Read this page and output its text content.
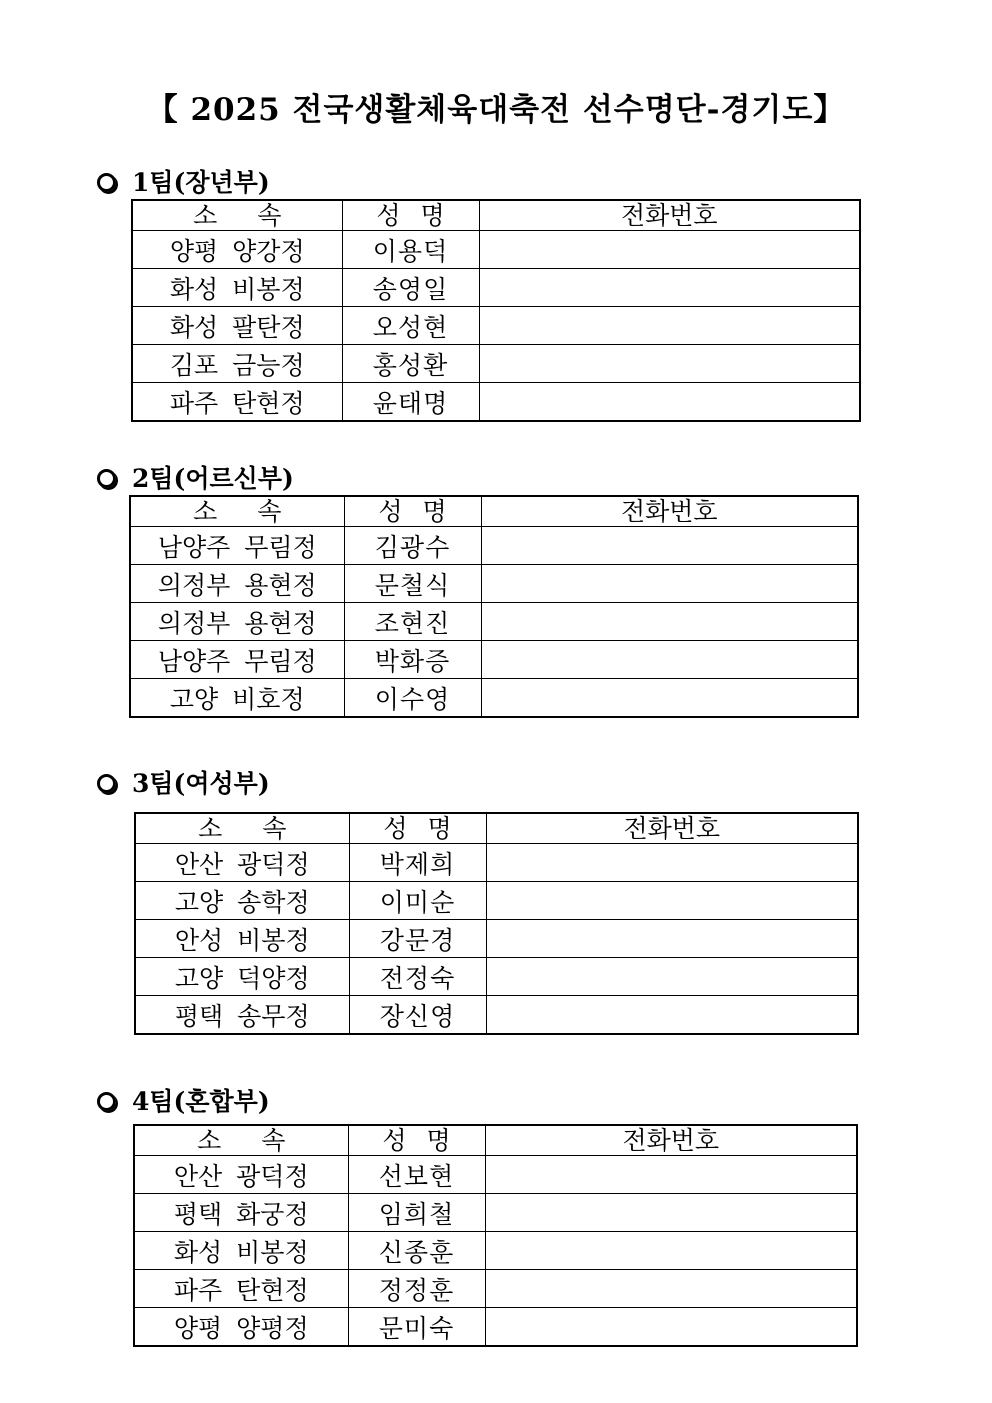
【 2025 전국생활체육대축전 선수명단-경기도】
1팀(장년부)
소속	성명	전화번호
양평 양강정	이용덕	
화성 비봉정	송영일	
화성 팔탄정	오성현	
김포 금능정	홍성환	
파주 탄현정	윤태명	
2팀(어르신부)
소속	성명	전화번호
남양주 무림정	김광수	
의정부 용현정	문철식	
의정부 용현정	조현진	
남양주 무림정	박화증	
고양 비호정	이수영	
3팀(여성부)
소속	성명	전화번호
안산 광덕정	박제희	
고양 송학정	이미순	
안성 비봉정	강문경	
고양 덕양정	전정숙	
평택 송무정	장신영	
4팀(혼합부)
소속	성명	전화번호
안산 광덕정	선보현	
평택 화궁정	임희철	
화성 비봉정	신종훈	
파주 탄현정	정정훈	
양평 양평정	문미숙	
